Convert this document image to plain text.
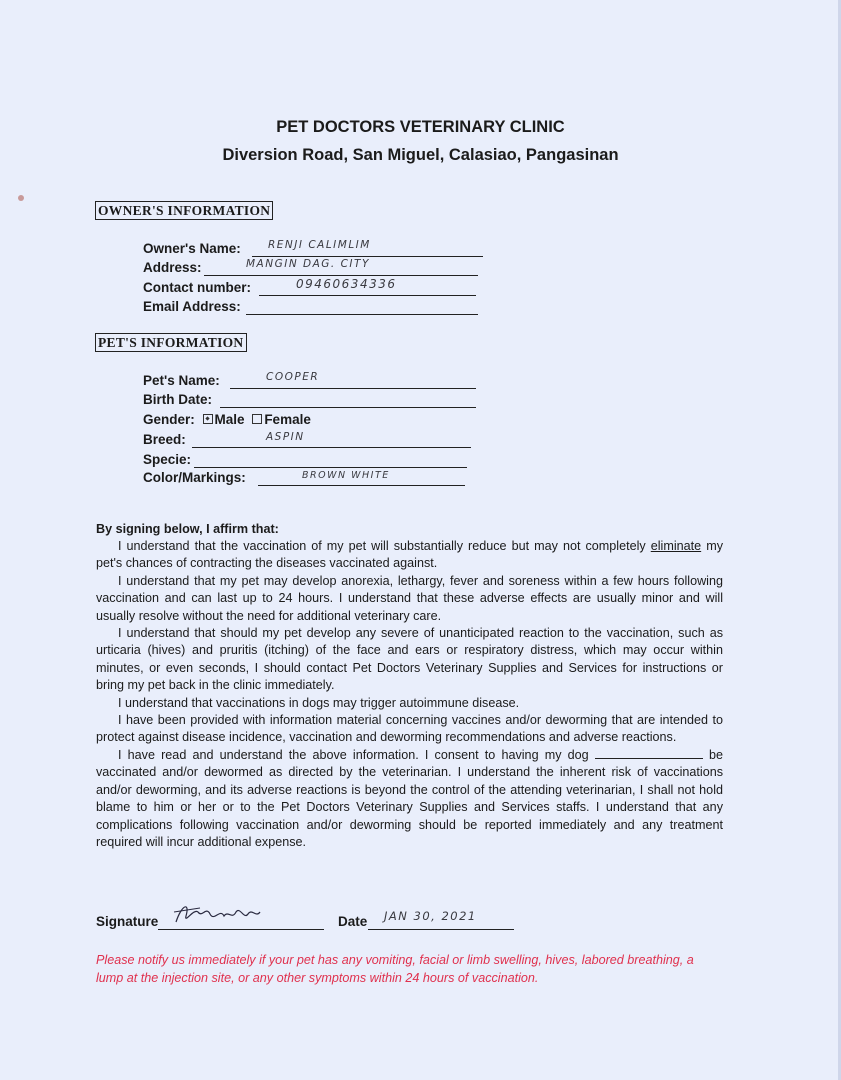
PET DOCTORS VETERINARY CLINIC
Diversion Road, San Miguel, Calasiao, Pangasinan
OWNER'S INFORMATION
Owner's Name:	RENJI CALIMLIM
Address:	MANGIN DAG. CITY
Contact number:	09460634336
Email Address:
PET'S INFORMATION
Pet's Name:	COOPER
Birth Date:
Gender: Male Female
Breed:	ASPIN
Specie:
Color/Markings:	BROWN WHITE
By signing below, I affirm that:

I understand that the vaccination of my pet will substantially reduce but may not completely eliminate my pet's chances of contracting the diseases vaccinated against.

I understand that my pet may develop anorexia, lethargy, fever and soreness within a few hours following vaccination and can last up to 24 hours. I understand that these adverse effects are usually minor and will usually resolve without the need for additional veterinary care.

I understand that should my pet develop any severe of unanticipated reaction to the vaccination, such as urticaria (hives) and pruritis (itching) of the face and ears or respiratory distress, which may occur within minutes, or even seconds, I should contact Pet Doctors Veterinary Supplies and Services for instructions or bring my pet back in the clinic immediately.

I understand that vaccinations in dogs may trigger autoimmune disease.

I have been provided with information material concerning vaccines and/or deworming that are intended to protect against disease incidence, vaccination and deworming recommendations and adverse reactions.

I have read and understand the above information. I consent to having my dog	be vaccinated and/or dewormed as directed by the veterinarian. I understand the inherent risk of vaccinations and/or deworming, and its adverse reactions is beyond the control of the attending veterinarian, I shall not hold blame to him or her or to the Pet Doctors Veterinary Supplies and Services staffs. I understand that any complications following vaccination and/or deworming should be reported immediately and any treatment required will incur additional expense.

Signature	Date JAN 30, 2021
Please notify us immediately if your pet has any vomiting, facial or limb swelling, hives, labored breathing, a lump at the injection site, or any other symptoms within 24 hours of vaccination.
